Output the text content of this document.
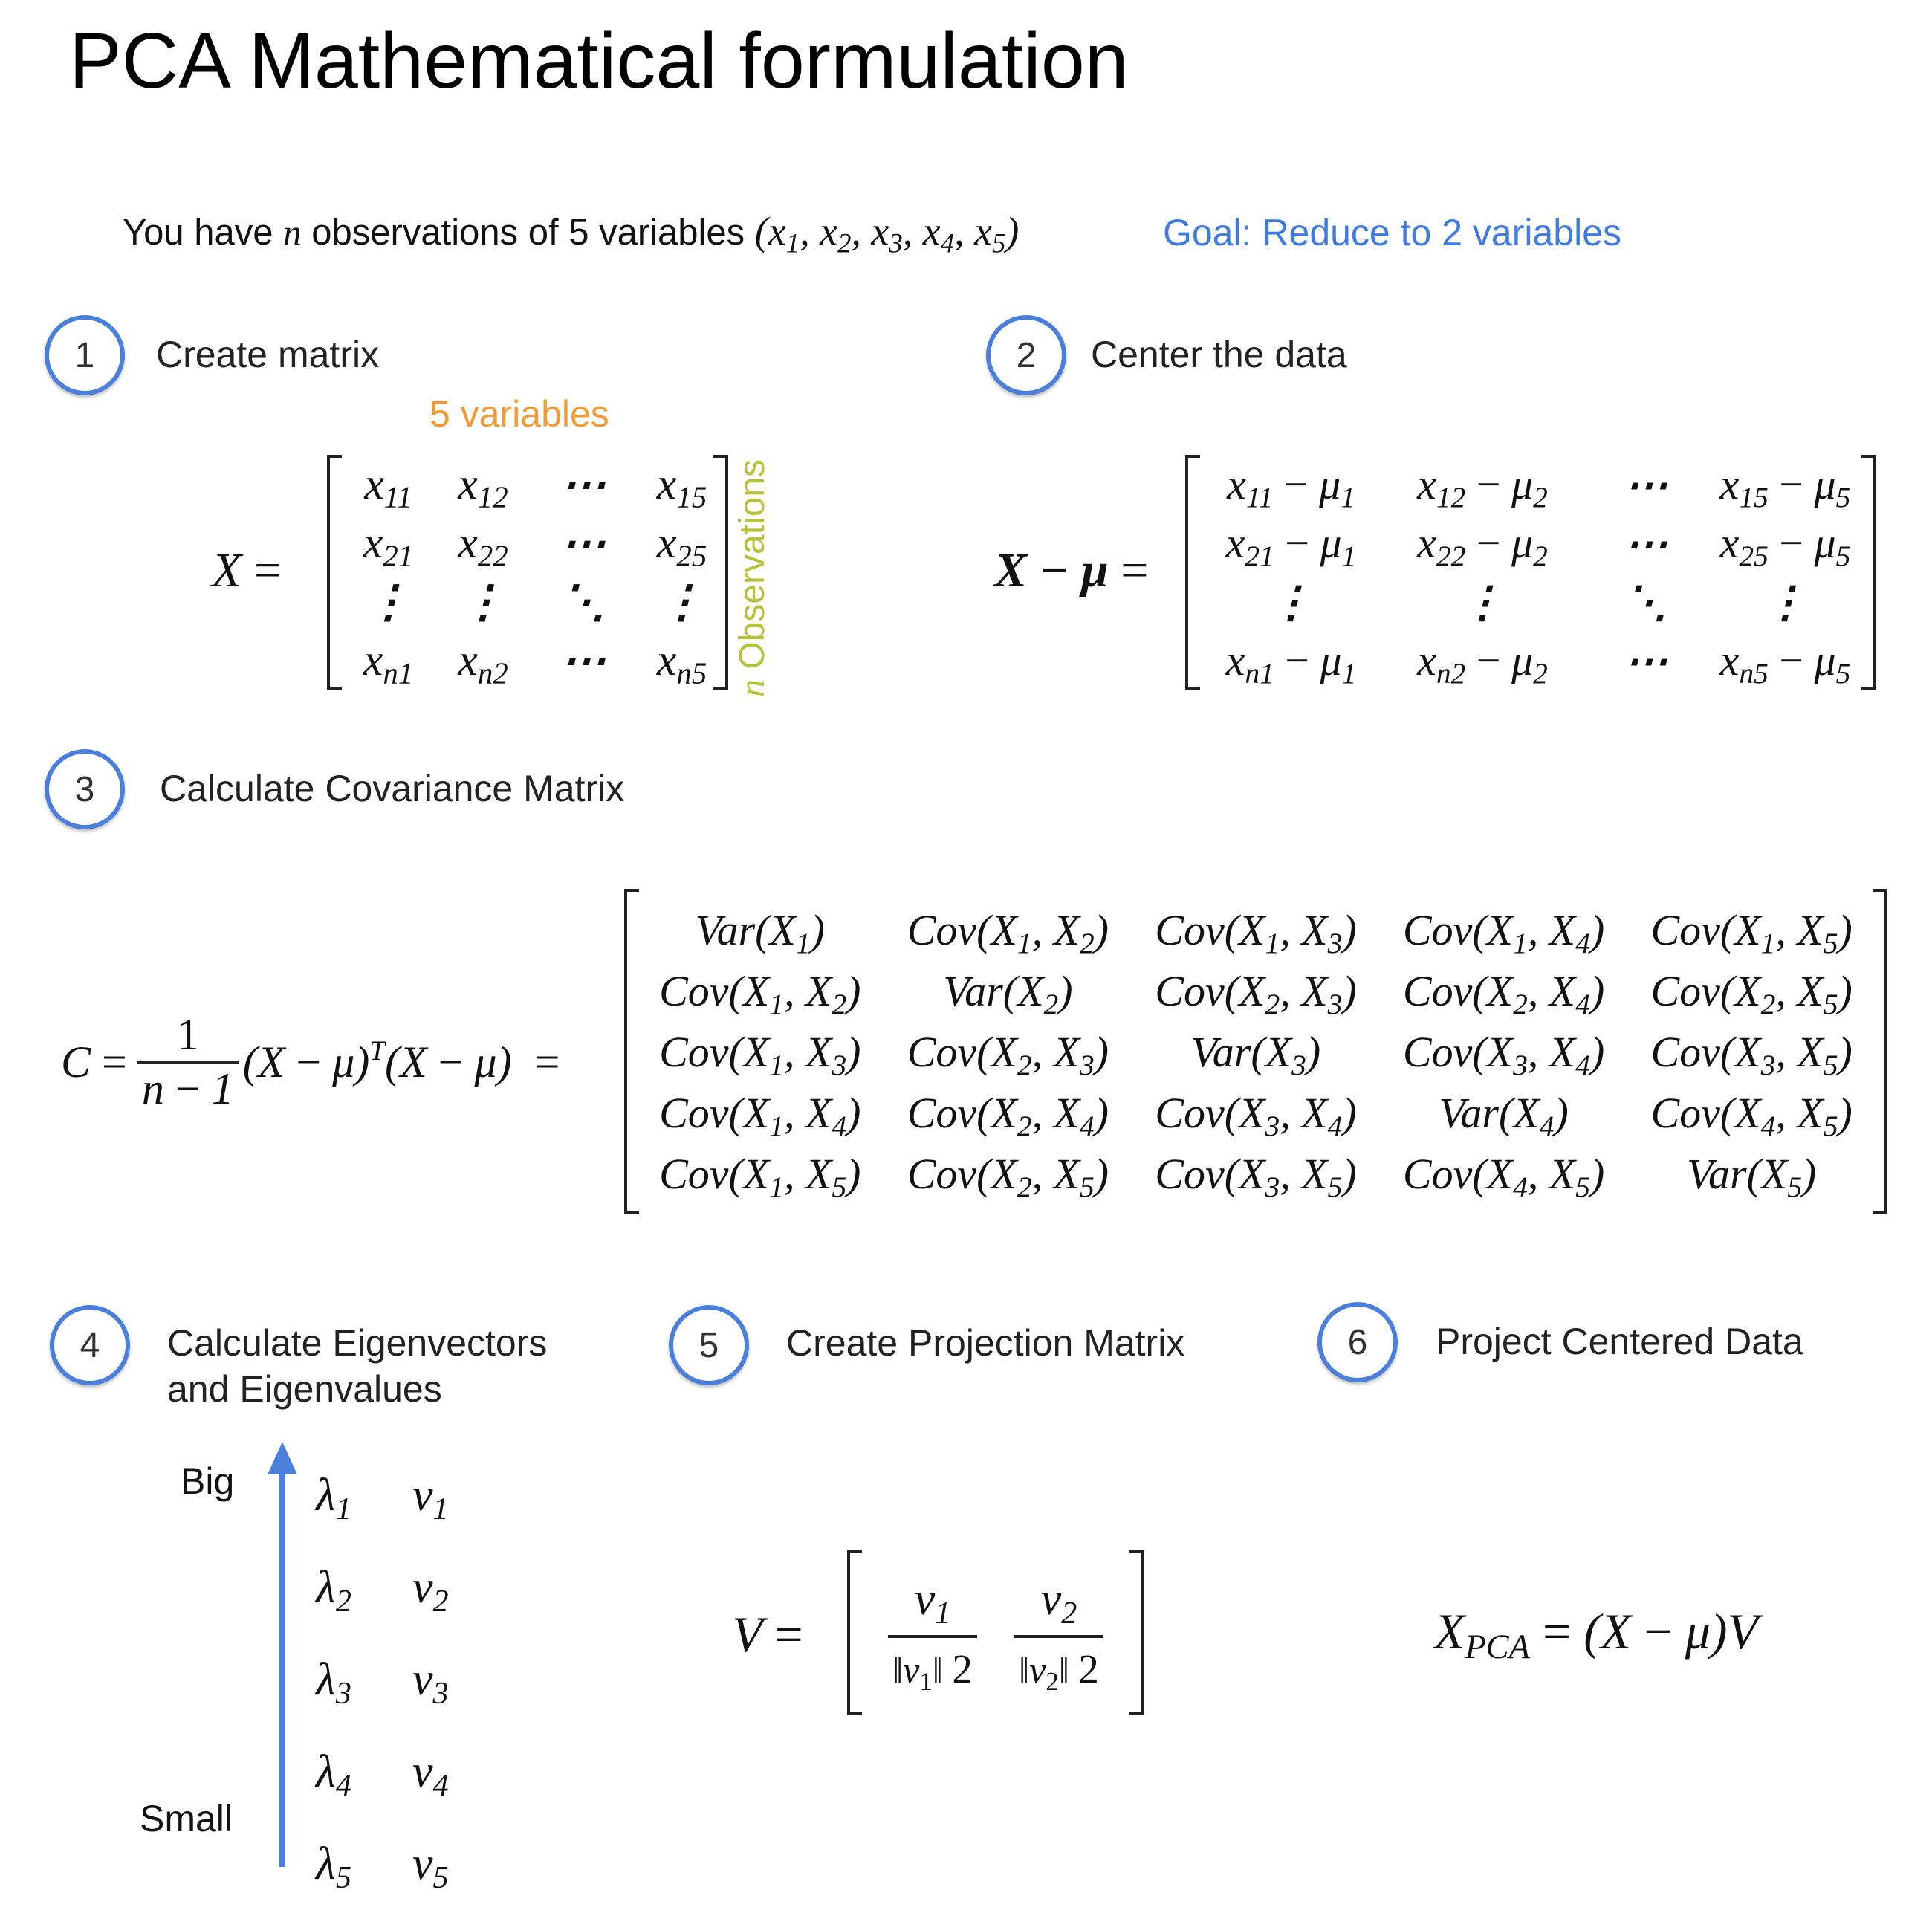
PCA Mathematical formulation
You have n observations of 5 variables ($x_1$, $x_2$, $x_3$, $x_4$, $x_5$)	Goal: Reduce to 2 variables
1	Create matrix	2	Center the data
5 variables
X =
$x_{11}$ $x_{12}$ ⋯ $x_{15}$
$x_{21}$ $x_{22}$ ⋯ $x_{25}$
⋮ ⋮ ⋱ ⋮
$x_{n1}$ $x_{n2}$ ⋯ $x_{n5}$ n Observations	X − μ =
$x_{11} - \mu_1$ $x_{12} - \mu_2$ ⋯ $x_{15} - \mu_5$
$x_{21} - \mu_1$ $x_{22} - \mu_2$ ⋯ $x_{25} - \mu_5$
⋮	⋮	⋱ ⋮
$x_{n1} - \mu_1$ $x_{n2} - \mu_2$ ⋯ $x_{n5} - \mu_5$
3	Calculate Covariance Matrix
$C = \frac{1}{n - 1} (X - \mu)^T(X - \mu)$ =
$Var(X_1)$ $Cov(X_1$, $X_2$) $Cov(X_1$, $X_3$) $Cov(X_1$, $X_4$) $Cov(X_1$, $X_5$)
$Cov(X_1$, $X_2$) $Var(X_2)$ $Cov(X_2$, $X_3$) $Cov(X_2$, $X_4$) $Cov(X_2$, $X_5$)
$Cov(X_1$, $X_3$) $Cov(X_2$, $X_3$) $Var(X_3)$ $Cov(X_3$, $X_4$) $Cov(X_3$, $X_5$)
$Cov(X_1$, $X_4$) $Cov(X_2$, $X_4$) $Cov(X_3$, $X_4$) $Var(X_4)$ $Cov(X_4$, $X_5$)
$Cov(X_1$, $X_5$) $Cov(X_2$, $X_5$) $Cov(X_3$, $X_5$) $Cov(X_4$, $X_5$) $Var(X_5)$
4	Calculate Eigenvectors
and Eigenvalues
5	Create Projection Matrix	6	Project Centered Data
Big
Small
$\lambda_1$ $v_1$
$\lambda_2$ $v_2$
$\lambda_3$ $v_3$
$\lambda_4$ $v_4$
$\lambda_5$ $v_5$
$V = \frac{v_1}{‖v_1‖ 2} \frac{v_2}{‖v_2‖ 2}$	$X_{PCA} = (X - \mu)V$
